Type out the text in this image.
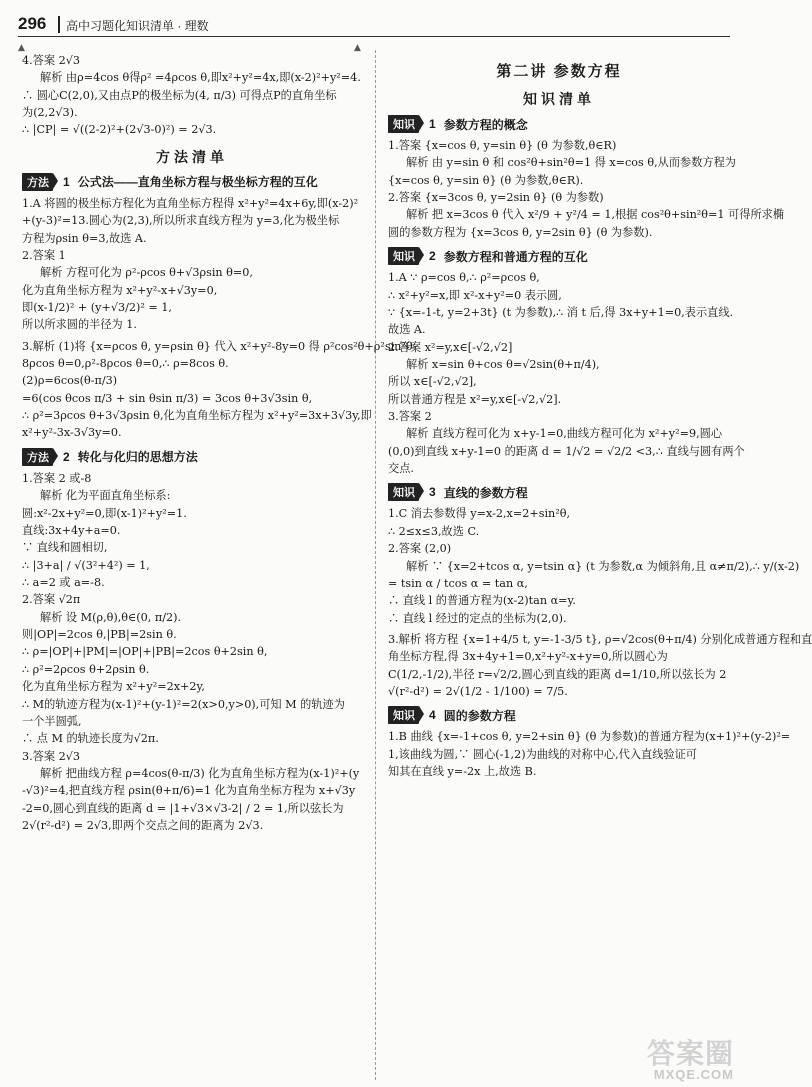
296 高中习题化知识清单 · 理数
▲	▲
4.答案 2√3
解析 由ρ=4cos θ得ρ² =4ρcos θ,即x²+y²=4x,即(x-2)²+y²=4.
∴ 圆心C(2,0),又由点P的极坐标为(4, π/3) 可得点P的直角坐标
为(2,2√3).
∴ |CP| = √((2-2)²+(2√3-0)²) = 2√3.
方法清单
方法	1 公式法——直角坐标方程与极坐标方程的互化
1.A 将圆的极坐标方程化为直角坐标方程得 x²+y²=4x+6y,即(x-2)²
+(y-3)²=13.圆心为(2,3),所以所求直线方程为 y=3,化为极坐标
方程为ρsin θ=3,故选 A.
2.答案 1
解析 方程可化为 ρ²-ρcos θ+√3ρsin θ=0,
化为直角坐标方程为 x²+y²-x+√3y=0,
即(x-1/2)² + (y+√3/2)² = 1,
所以所求圆的半径为 1.
3.解析 (1)将 {x=ρcos θ, y=ρsin θ} 代入 x²+y²-8y=0 得 ρ²cos²θ+ρ²sin²θ-
8ρcos θ=0,ρ²-8ρcos θ=0,∴ ρ=8cos θ.
(2)ρ=6cos(θ-π/3)
=6(cos θcos π/3 + sin θsin π/3) = 3cos θ+3√3sin θ,
∴ ρ²=3ρcos θ+3√3ρsin θ,化为直角坐标方程为 x²+y²=3x+3√3y,即
x²+y²-3x-3√3y=0.
方法	2 转化与化归的思想方法
1.答案 2 或-8
解析 化为平面直角坐标系:
圆:x²-2x+y²=0,即(x-1)²+y²=1.
直线:3x+4y+a=0.
∵ 直线和圆相切,
∴ |3+a| / √(3²+4²) = 1,
∴ a=2 或 a=-8.
2.答案 √2π
解析 设 M(ρ,θ),θ∈(0, π/2).
则|OP|=2cos θ,|PB|=2sin θ.
∴ ρ=|OP|+|PM|=|OP|+|PB|=2cos θ+2sin θ,
∴ ρ²=2ρcos θ+2ρsin θ.
化为直角坐标方程为 x²+y²=2x+2y,
∴ M的轨迹方程为(x-1)²+(y-1)²=2(x>0,y>0),可知 M 的轨迹为
一个半圆弧,
∴ 点 M 的轨迹长度为√2π.
3.答案 2√3
解析 把曲线方程 ρ=4cos(θ-π/3) 化为直角坐标方程为(x-1)²+(y
-√3)²=4,把直线方程 ρsin(θ+π/6)=1 化为直角坐标方程为 x+√3y
-2=0,圆心到直线的距离 d = |1+√3×√3-2| / 2 = 1,所以弦长为
2√(r²-d²) = 2√3,即两个交点之间的距离为 2√3.
第二讲 参数方程
知识清单
知识	1 参数方程的概念
1.答案 {x=cos θ, y=sin θ} (θ 为参数,θ∈R)
解析 由 y=sin θ 和 cos²θ+sin²θ=1 得 x=cos θ,从而参数方程为
{x=cos θ, y=sin θ} (θ 为参数,θ∈R).
2.答案 {x=3cos θ, y=2sin θ} (θ 为参数)
解析 把 x=3cos θ 代入 x²/9 + y²/4 = 1,根据 cos²θ+sin²θ=1 可得所求椭
圆的参数方程为 {x=3cos θ, y=2sin θ} (θ 为参数).
知识	2 参数方程和普通方程的互化
1.A ∵ ρ=cos θ,∴ ρ²=ρcos θ,
∴ x²+y²=x,即 x²-x+y²=0 表示圆,
∵ {x=-1-t, y=2+3t} (t 为参数),∴ 消 t 后,得 3x+y+1=0,表示直线.
故选 A.
2.答案 x²=y,x∈[-√2,√2]
解析 x=sin θ+cos θ=√2sin(θ+π/4),
所以 x∈[-√2,√2],
所以普通方程是 x²=y,x∈[-√2,√2].
3.答案 2
解析 直线方程可化为 x+y-1=0,曲线方程可化为 x²+y²=9,圆心
(0,0)到直线 x+y-1=0 的距离 d = 1/√2 = √2/2 <3,∴ 直线与圆有两个
交点.
知识	3 直线的参数方程
1.C 消去参数得 y=x-2,x=2+sin²θ,
∴ 2≤x≤3,故选 C.
2.答案 (2,0)
解析 ∵ {x=2+tcos α, y=tsin α} (t 为参数,α 为倾斜角,且 α≠π/2),∴ y/(x-2)
= tsin α / tcos α = tan α,
∴ 直线 l 的普通方程为(x-2)tan α=y.
∴ 直线 l 经过的定点的坐标为(2,0).
3.解析 将方程 {x=1+4/5 t, y=-1-3/5 t}, ρ=√2cos(θ+π/4) 分别化成普通方程和直
角坐标方程,得 3x+4y+1=0,x²+y²-x+y=0,所以圆心为
C(1/2,-1/2),半径 r=√2/2,圆心到直线的距离 d=1/10,所以弦长为 2
√(r²-d²) = 2√(1/2 - 1/100) = 7/5.
知识	4 圆的参数方程
1.B 曲线 {x=-1+cos θ, y=2+sin θ} (θ 为参数)的普通方程为(x+1)²+(y-2)²=
1,该曲线为圆,∵ 圆心(-1,2)为曲线的对称中心,代入直线验证可
知其在直线 y=-2x 上,故选 B.
答案圈
MXQE.COM
